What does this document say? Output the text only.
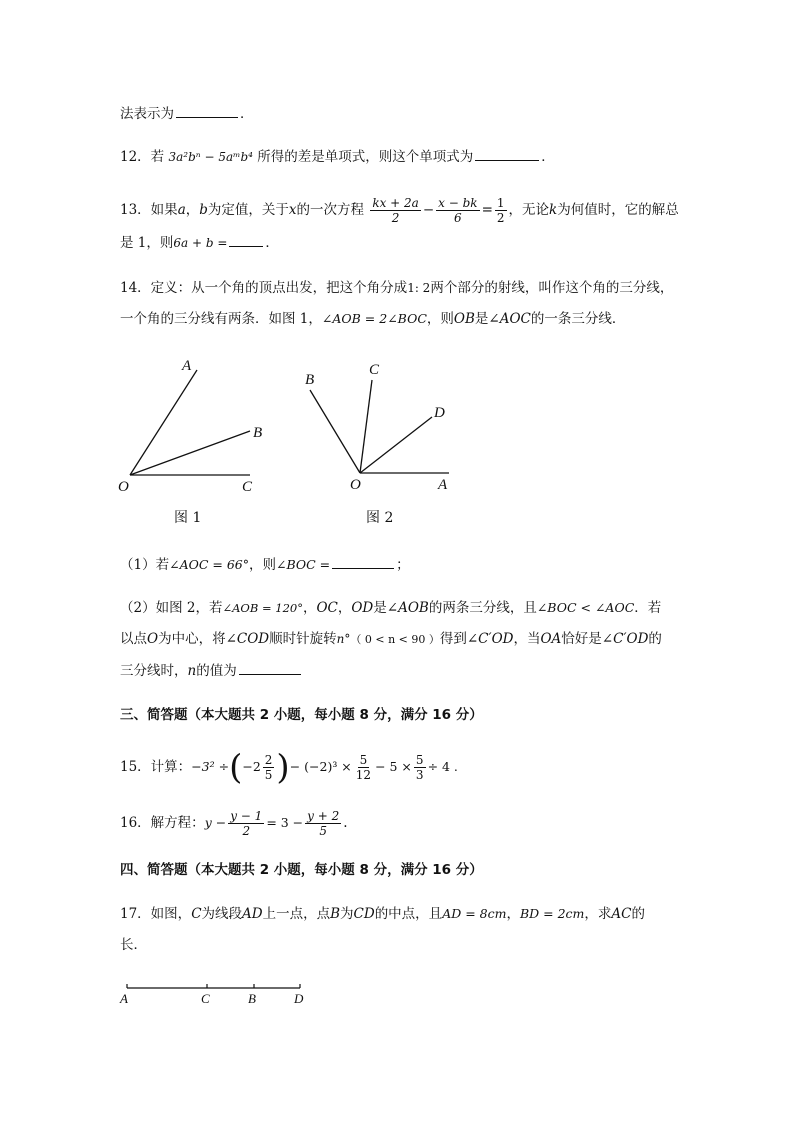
法表示为	．
12．若 3a²bⁿ − 5aᵐb⁴ 所得的差是单项式，则这个单项式为	．
13．如果a，b为定值，关于x的一次方程 $\frac{kx + 2a}{2} - \frac{x - bk}{6} = \frac{1}{2}$ ，无论k为何值时，它的解总
是 1，则6a + b =	．
14．定义：从一个角的顶点出发，把这个角分成1: 2两个部分的射线，叫作这个角的三分线，
一个角的三分线有两条．如图 1，∠AOB = 2∠BOC，则OB是∠AOC的一条三分线．
A
B
O	C
图 1
B
C
D
O	A
图 2
（1）若∠AOC = 66°，则∠BOC =	；
（2）如图 2，若∠AOB = 120°，OC，OD是∠AOB的两条三分线，且∠BOC < ∠AOC．若
以点O为中心，将∠COD顺时针旋转n°（ 0 < n < 90 ）得到∠C′OD，当OA恰好是∠C′OD的
三分线时，n的值为
三、简答题（本大题共 2 小题，每小题 8 分，满分 16 分）
15．计算：$-3^2 \div(-2 \frac{2}{5}$ )− $(-2)^3 \times \frac{5}{12} - 5 \times \frac{5}{3} \div 4$ .
16．解方程：$y - \frac{y - 1}{2} = 3 - \frac{y + 2}{5}$ .
四、简答题（本大题共 2 小题，每小题 8 分，满分 16 分）
17．如图，C为线段AD上一点，点B为CD的中点，且AD = 8cm，BD = 2cm，求AC的
长．
A	C	B	D
